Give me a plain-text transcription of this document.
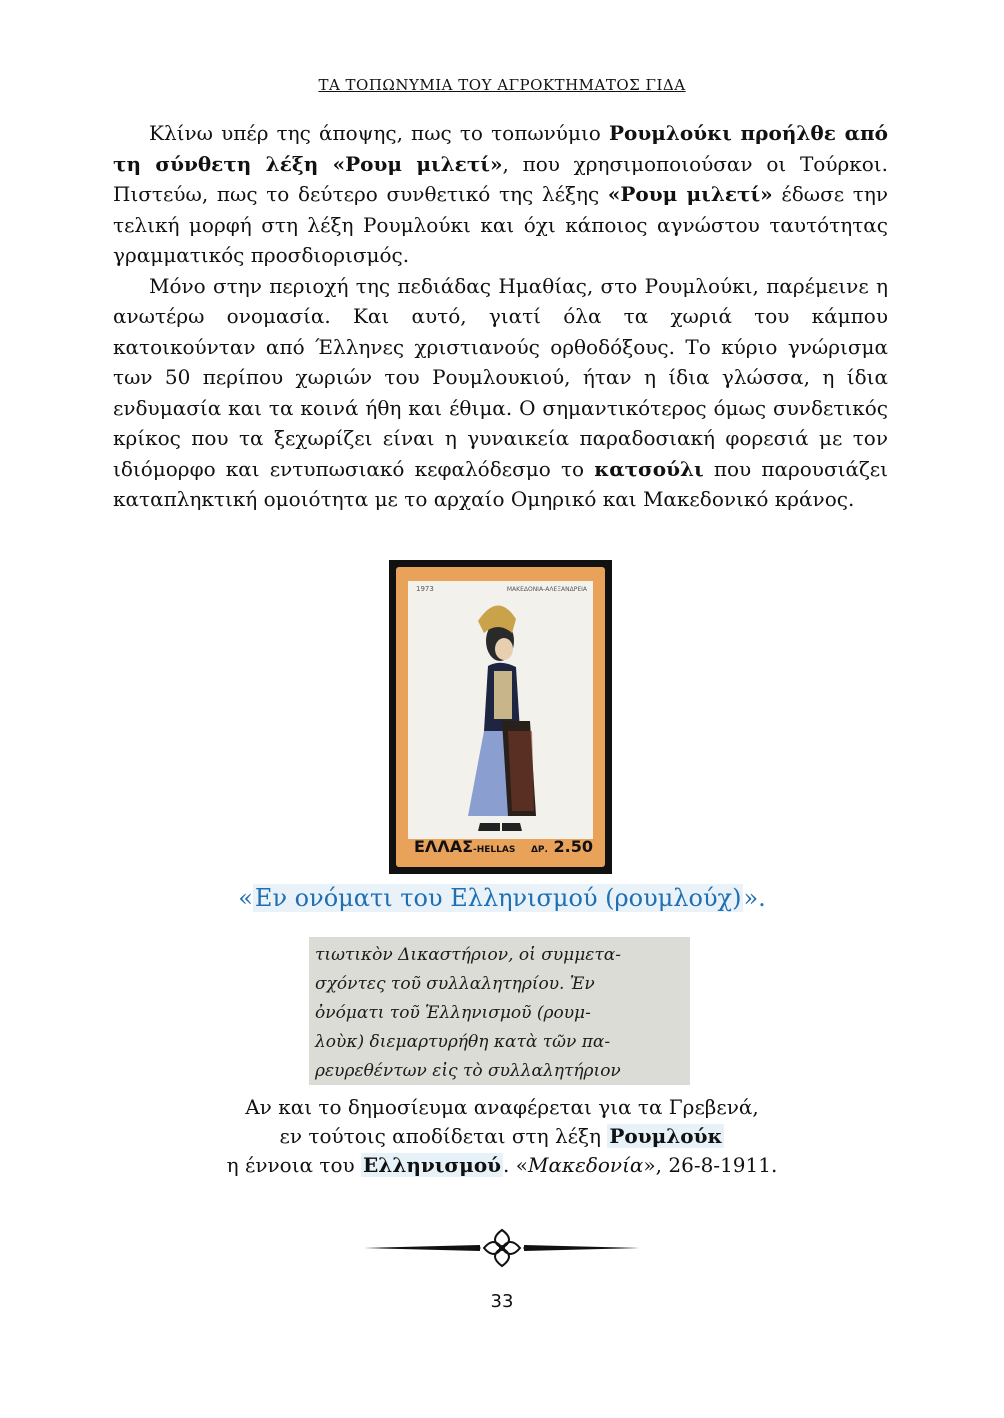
ΤΑ ΤΟΠΩΝΥΜΙΑ ΤΟΥ ΑΓΡΟΚΤΗΜΑΤΟΣ ΓΙΔΑ

Κλίνω υπέρ της άποψης, πως το τοπωνύμιο Ρουμλούκι προήλθε από τη σύνθετη λέξη «Ρουμ μιλετί», που χρησιμοποιούσαν οι Τούρκοι. Πιστεύω, πως το δεύτερο συνθετικό της λέξης «Ρουμ μιλετί» έδωσε την τελική μορφή στη λέξη Ρουμλούκι και όχι κάποιος αγνώστου ταυτότητας γραμματικός προσδιορισμός.

Μόνο στην περιοχή της πεδιάδας Ημαθίας, στο Ρουμλούκι, παρέμεινε η ανωτέρω ονομασία. Και αυτό, γιατί όλα τα χωριά του κάμπου κατοικούνταν από Έλληνες χριστιανούς ορθοδόξους. Το κύριο γνώρισμα των 50 περίπου χωριών του Ρουμλουκιού, ήταν η ίδια γλώσσα, η ίδια ενδυμασία και τα κοινά ήθη και έθιμα. Ο σημαντικότερος όμως συνδετικός κρίκος που τα ξεχωρίζει είναι η γυναικεία παραδοσιακή φορεσιά με τον ιδιόμορφο και εντυπωσιακό κεφαλόδεσμο το κατσούλι που παρουσιάζει καταπληκτική ομοιότητα με το αρχαίο Ομηρικό και Μακεδονικό κράνος.

1973	ΜΑΚΕΔΟΝΙΑ-ΑΛΕΞΑΝΔΡΕΙΑ
ΕΛΛΑΣ-HELLAS ΔΡ. 2.50
«Εν ονόματι του Ελληνισμού (ρουμλούχ)».
τιωτικὸν Δικαστήριον, οἱ συμμετα-
σχόντες τοῦ συλλαλητηρίου. Ἐν
ὀνόματι τοῦ Ἑλληνισμοῦ (ρουμ-
λοὺκ) διεμαρτυρήθη κατὰ τῶν πα-
ρευρεθέντων εἰς τὸ συλλαλητήριον
Αν και το δημοσίευμα αναφέρεται για τα Γρεβενά,
εν τούτοις αποδίδεται στη λέξη Ρουμλούκ
η έννοια του Ελληνισμού . «Μακεδονία», 26-8-1911.
33
